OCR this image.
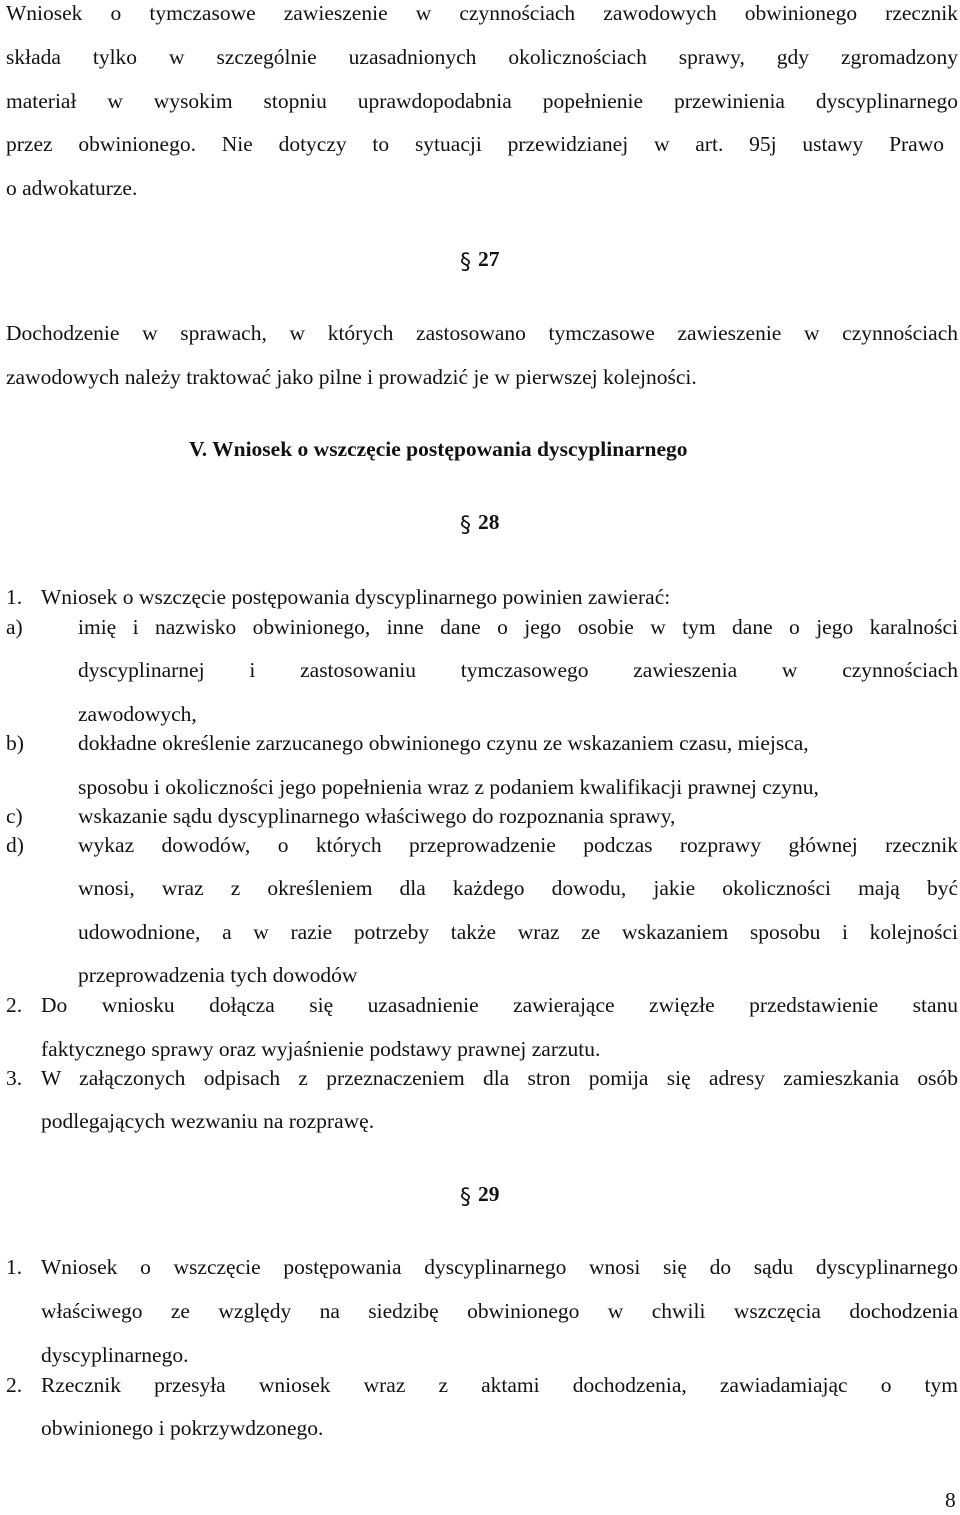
Wniosek o tymczasowe zawieszenie w czynnościach zawodowych obwinionego rzecznik
składa tylko w szczególnie uzasadnionych okolicznościach sprawy, gdy zgromadzony
materiał w wysokim stopniu uprawdopodabnia popełnienie przewinienia dyscyplinarnego
przez obwinionego. Nie dotyczy to sytuacji przewidzianej w art. 95j ustawy Prawo
o adwokaturze.
§ 27
Dochodzenie w sprawach, w których zastosowano tymczasowe zawieszenie w czynnościach
zawodowych należy traktować jako pilne i prowadzić je w pierwszej kolejności.
V. Wniosek o wszczęcie postępowania dyscyplinarnego
§ 28
1. Wniosek o wszczęcie postępowania dyscyplinarnego powinien zawierać:
a)	imię i nazwisko obwinionego, inne dane o jego osobie w tym dane o jego karalności
dyscyplinarnej i zastosowaniu tymczasowego zawieszenia w czynnościach
zawodowych,
b)	dokładne określenie zarzucanego obwinionego czynu ze wskazaniem czasu, miejsca,
sposobu i okoliczności jego popełnienia wraz z podaniem kwalifikacji prawnej czynu,
c)	wskazanie sądu dyscyplinarnego właściwego do rozpoznania sprawy,
d)	wykaz dowodów, o których przeprowadzenie podczas rozprawy głównej rzecznik
wnosi, wraz z określeniem dla każdego dowodu, jakie okoliczności mają być
udowodnione, a w razie potrzeby także wraz ze wskazaniem sposobu i kolejności
przeprowadzenia tych dowodów
2. Do wniosku dołącza się uzasadnienie zawierające zwięzłe przedstawienie stanu
faktycznego sprawy oraz wyjaśnienie podstawy prawnej zarzutu.
3. W załączonych odpisach z przeznaczeniem dla stron pomija się adresy zamieszkania osób
podlegających wezwaniu na rozprawę.
§ 29
1. Wniosek o wszczęcie postępowania dyscyplinarnego wnosi się do sądu dyscyplinarnego
właściwego ze względy na siedzibę obwinionego w chwili wszczęcia dochodzenia
dyscyplinarnego.
2. Rzecznik przesyła wniosek wraz z aktami dochodzenia, zawiadamiając o tym
obwinionego i pokrzywdzonego.
8
